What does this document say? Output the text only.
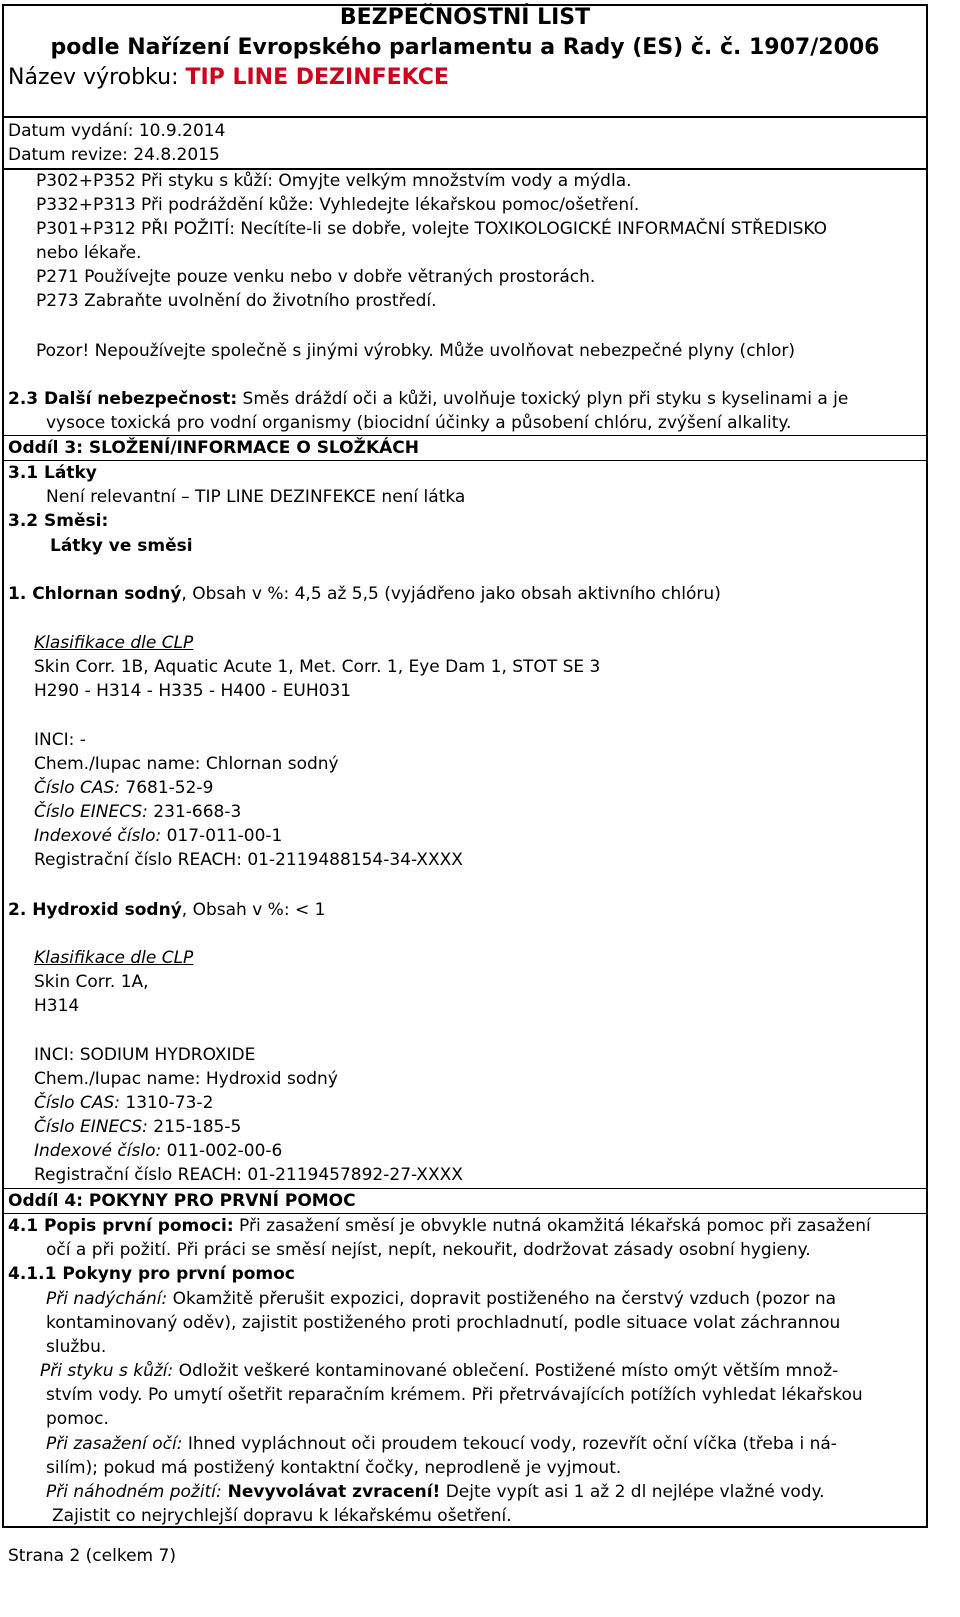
BEZPEČNOSTNÍ LIST
podle Nařízení Evropského parlamentu a Rady (ES) č. č. 1907/2006
Název výrobku: TIP LINE DEZINFEKCE
Datum vydání: 10.9.2014
Datum revize: 24.8.2015
P302+P352 Při styku s kůží: Omyjte velkým množstvím vody a mýdla.
P332+P313 Při podráždění kůže: Vyhledejte lékařskou pomoc/ošetření.
P301+P312 PŘI POŽITÍ: Necítíte-li se dobře, volejte TOXIKOLOGICKÉ INFORMAČNÍ STŘEDISKO
nebo lékaře.
P271 Používejte pouze venku nebo v dobře větraných prostorách.
P273 Zabraňte uvolnění do životního prostředí.
Pozor! Nepoužívejte společně s jinými výrobky. Může uvolňovat nebezpečné plyny (chlor)
2.3 Další nebezpečnost: Směs dráždí oči a kůži, uvolňuje toxický plyn při styku s kyselinami a je
vysoce toxická pro vodní organismy (biocidní účinky a působení chlóru, zvýšení alkality.
Oddíl 3: SLOŽENÍ/INFORMACE O SLOŽKÁCH
3.1 Látky
Není relevantní – TIP LINE DEZINFEKCE není látka
3.2 Směsi:
Látky ve směsi
1. Chlornan sodný, Obsah v %: 4,5 až 5,5 (vyjádřeno jako obsah aktivního chlóru)
Klasifikace dle CLP
Skin Corr. 1B, Aquatic Acute 1, Met. Corr. 1, Eye Dam 1, STOT SE 3
H290 - H314 - H335 - H400 - EUH031
INCI: -
Chem./Iupac name: Chlornan sodný
Číslo CAS: 7681-52-9
Číslo EINECS: 231-668-3
Indexové číslo: 017-011-00-1
Registrační číslo REACH: 01-2119488154-34-XXXX
2. Hydroxid sodný, Obsah v %: < 1
Klasifikace dle CLP
Skin Corr. 1A,
H314
INCI: SODIUM HYDROXIDE
Chem./Iupac name: Hydroxid sodný
Číslo CAS: 1310-73-2
Číslo EINECS: 215-185-5
Indexové číslo: 011-002-00-6
Registrační číslo REACH: 01-2119457892-27-XXXX
Oddíl 4: POKYNY PRO PRVNÍ POMOC
4.1 Popis první pomoci: Při zasažení směsí je obvykle nutná okamžitá lékařská pomoc při zasažení
očí a při požití. Při práci se směsí nejíst, nepít, nekouřit, dodržovat zásady osobní hygieny.
4.1.1 Pokyny pro první pomoc
Při nadýchání: Okamžitě přerušit expozici, dopravit postiženého na čerstvý vzduch (pozor na
kontaminovaný oděv), zajistit postiženého proti prochladnutí, podle situace volat záchrannou
službu.
Při styku s kůží: Odložit veškeré kontaminované oblečení. Postižené místo omýt větším množ-
stvím vody. Po umytí ošetřit reparačním krémem. Při přetrvávajících potížích vyhledat lékařskou
pomoc.
Při zasažení očí: Ihned vypláchnout oči proudem tekoucí vody, rozevřít oční víčka (třeba i ná-
silím); pokud má postižený kontaktní čočky, neprodleně je vyjmout.
Při náhodném požití: Nevyvolávat zvracení! Dejte vypít asi 1 až 2 dl nejlépe vlažné vody.
Zajistit co nejrychlejší dopravu k lékařskému ošetření.
Strana 2 (celkem 7)
